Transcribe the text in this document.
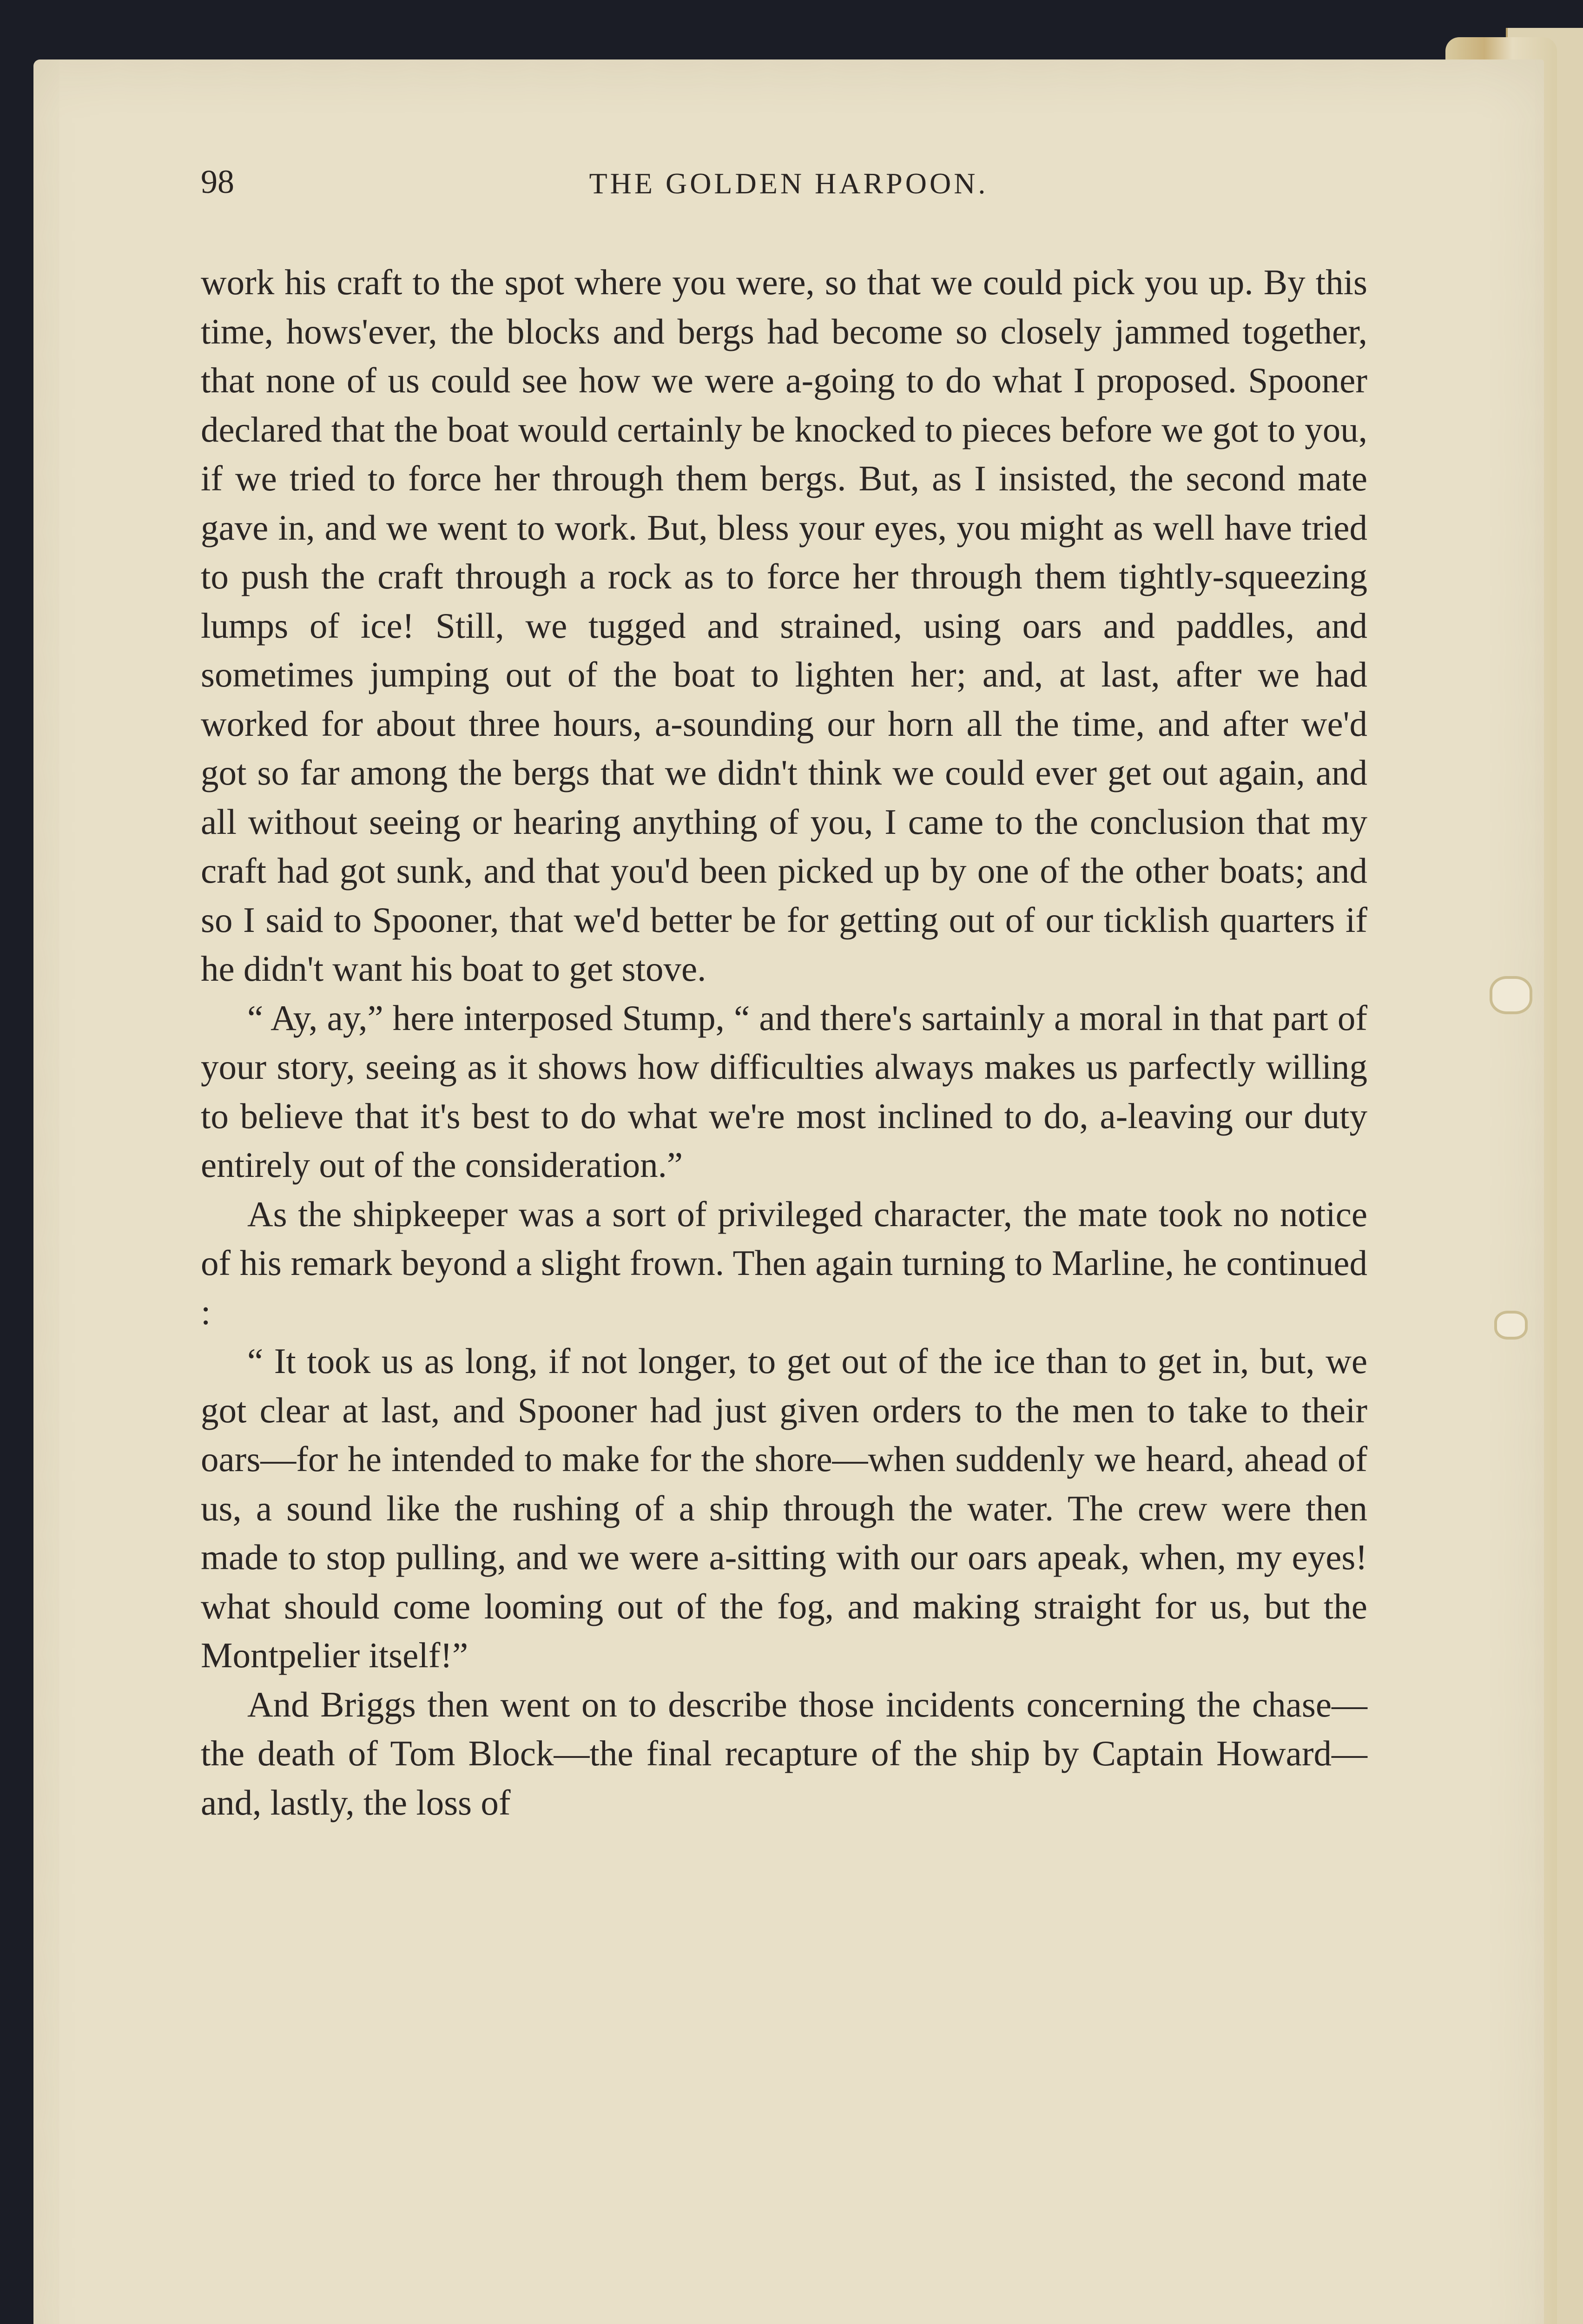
98	THE GOLDEN HARPOON.

work his craft to the spot where you were, so that we could pick you up. By this time, hows'ever, the blocks and bergs had become so closely jammed together, that none of us could see how we were a-going to do what I proposed. Spooner declared that the boat would certainly be knocked to pieces before we got to you, if we tried to force her through them bergs. But, as I insisted, the second mate gave in, and we went to work. But, bless your eyes, you might as well have tried to push the craft through a rock as to force her through them tightly-squeezing lumps of ice! Still, we tugged and strained, using oars and paddles, and sometimes jumping out of the boat to lighten her; and, at last, after we had worked for about three hours, a-sounding our horn all the time, and after we'd got so far among the bergs that we didn't think we could ever get out again, and all without seeing or hearing anything of you, I came to the conclusion that my craft had got sunk, and that you'd been picked up by one of the other boats; and so I said to Spooner, that we'd better be for getting out of our ticklish quarters if he didn't want his boat to get stove.

“ Ay, ay,” here interposed Stump, “ and there's sartainly a moral in that part of your story, seeing as it shows how difficulties always makes us parfectly willing to believe that it's best to do what we're most inclined to do, a-leaving our duty entirely out of the consideration.”

As the shipkeeper was a sort of privileged character, the mate took no notice of his remark beyond a slight frown. Then again turning to Marline, he continued :

“ It took us as long, if not longer, to get out of the ice than to get in, but, we got clear at last, and Spooner had just given orders to the men to take to their oars—for he intended to make for the shore—when suddenly we heard, ahead of us, a sound like the rushing of a ship through the water. The crew were then made to stop pulling, and we were a-sitting with our oars apeak, when, my eyes! what should come looming out of the fog, and making straight for us, but the Montpelier itself!”

And Briggs then went on to describe those incidents concerning the chase—the death of Tom Block—the final recapture of the ship by Captain Howard—and, lastly, the loss of
